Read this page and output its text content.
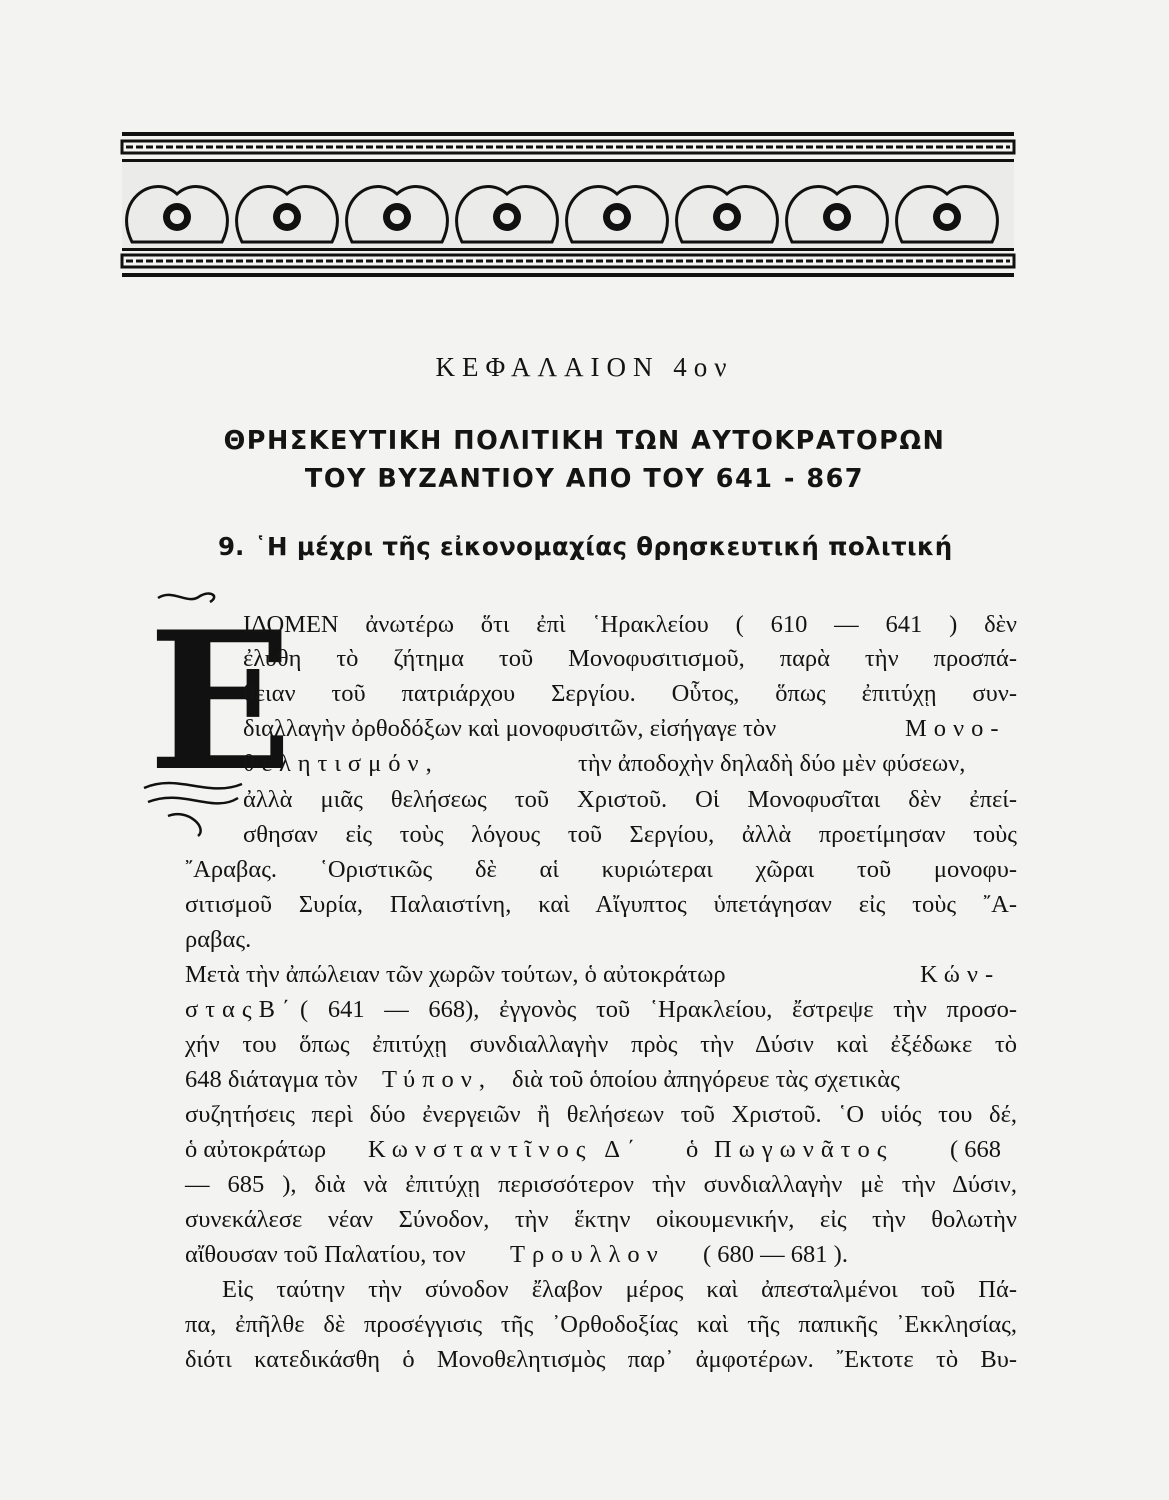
ΚΕΦΑΛΑΙΟΝ 4ον
ΘΡΗΣΚΕΥΤΙΚΗ ΠΟΛΙΤΙΚΗ ΤΩΝ ΑΥΤΟΚΡΑΤΟΡΩΝ
ΤΟΥ ΒΥΖΑΝΤΙΟΥ ΑΠΟ ΤΟΥ 641 - 867
9. ῾Η μέχρι τῆς εἰκονομαχίας θρησκευτική πολιτική
Ε
ΙΔΟΜΕΝ ἀνωτέρω ὅτι ἐπὶ ῾Ηρακλείου ( 610 — 641 ) δὲν
ἐλύθη τὸ ζήτημα τοῦ Μονοφυσιτισμοῦ, παρὰ τὴν προσπά-
θειαν τοῦ πατριάρχου Σεργίου. Οὗτος, ὅπως ἐπιτύχῃ συν-
διαλλαγὴν ὀρθοδόξων καὶ μονοφυσιτῶν, εἰσήγαγε τὸν	Μονο-
θελητισμόν,	τὴν ἀποδοχὴν δηλαδὴ δύο μὲν φύσεων,
ἀλλὰ μιᾶς θελήσεως τοῦ Χριστοῦ. Οἱ Μονοφυσῖται δὲν ἐπεί-
σθησαν εἰς τοὺς λόγους τοῦ Σεργίου, ἀλλὰ προετίμησαν τοὺς
῎Αραβας. ῾Οριστικῶς δὲ αἱ κυριώτεραι χῶραι τοῦ μονοφυ-
σιτισμοῦ Συρία, Παλαιστίνη, καὶ Αἴγυπτος ὑπετάγησαν εἰς τοὺς ῎Α-
ραβας.
Μετὰ τὴν ἀπώλειαν τῶν χωρῶν τούτων, ὁ αὐτοκράτωρ	Κών-
σταςΒ΄ ( 641 — 668), ἐγγονὸς τοῦ ῾Ηρακλείου, ἔστρεψε τὴν προσο-
χήν του ὅπως ἐπιτύχῃ συνδιαλλαγὴν πρὸς τὴν Δύσιν καὶ ἐξέδωκε τὸ
648 διάταγμα τὸν Τύπον, διὰ τοῦ ὁποίου ἀπηγόρευε τὰς σχετικὰς
συζητήσεις περὶ δύο ἐνεργειῶν ἢ θελήσεων τοῦ Χριστοῦ. ῾Ο υἱός του δέ,
ὁ αὐτοκράτωρ Κωνσταντῖνος Δ΄ ὁ Πωγωνᾶτος ( 668
— 685 ), διὰ νὰ ἐπιτύχῃ περισσότερον τὴν συνδιαλλαγὴν μὲ τὴν Δύσιν,
συνεκάλεσε νέαν Σύνοδον, τὴν ἕκτην οἰκουμενικήν, εἰς τὴν θολωτὴν
αἴθουσαν τοῦ Παλατίου, τον Τρουλλον ( 680 — 681 ).
Εἰς ταύτην τὴν σύνοδον ἔλαβον μέρος καὶ ἀπεσταλμένοι τοῦ Πά-
πα, ἐπῆλθε δὲ προσέγγισις τῆς ᾿Ορθοδοξίας καὶ τῆς παπικῆς ᾿Εκκλησίας,
διότι κατεδικάσθη ὁ Μονοθελητισμὸς παρ᾿ ἀμφοτέρων. ῎Εκτοτε τὸ Βυ-
